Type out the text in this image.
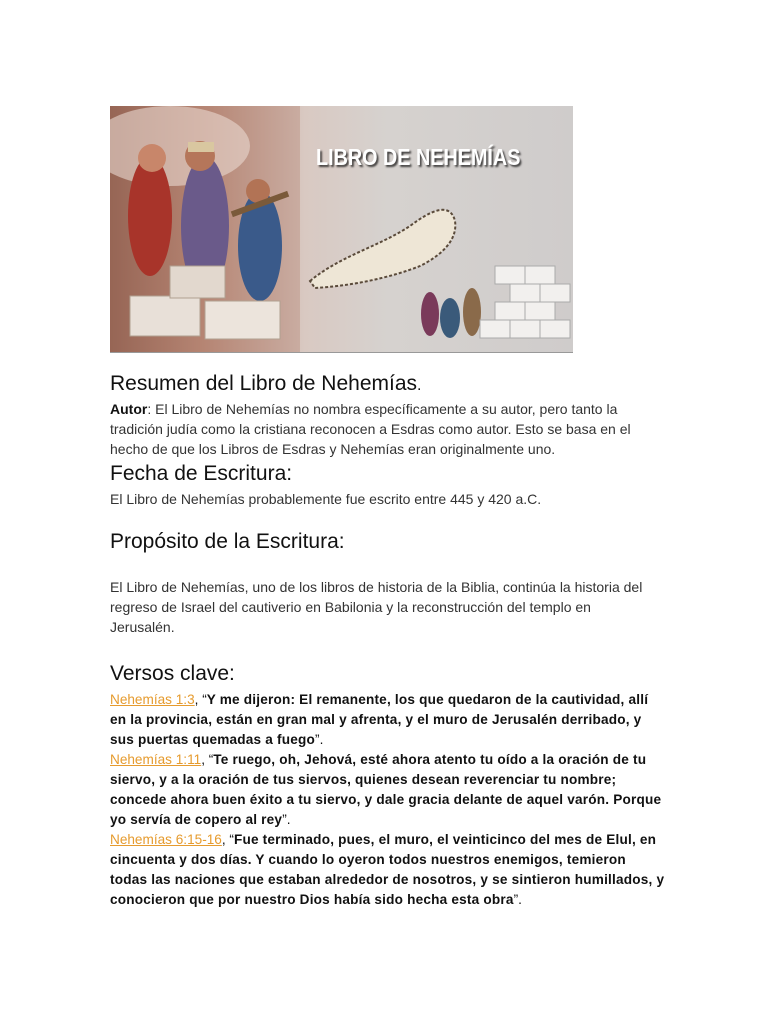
LIBRO DE NEHEMÍAS
Resumen del Libro de Nehemías.

Autor: El Libro de Nehemías no nombra específicamente a su autor, pero tanto la tradición judía como la cristiana reconocen a Esdras como autor. Esto se basa en el hecho de que los Libros de Esdras y Nehemías eran originalmente uno.

Fecha de Escritura:

El Libro de Nehemías probablemente fue escrito entre 445 y 420 a.C.

Propósito de la Escritura:

El Libro de Nehemías, uno de los libros de historia de la Biblia, continúa la historia del regreso de Israel del cautiverio en Babilonia y la reconstrucción del templo en Jerusalén.

Versos clave:

Nehemías 1:3, “Y me dijeron: El remanente, los que quedaron de la cautividad, allí en la provincia, están en gran mal y afrenta, y el muro de Jerusalén derribado, y sus puertas quemadas a fuego”.

Nehemías 1:11, “Te ruego, oh, Jehová, esté ahora atento tu oído a la oración de tu siervo, y a la oración de tus siervos, quienes desean reverenciar tu nombre; concede ahora buen éxito a tu siervo, y dale gracia delante de aquel varón. Porque yo servía de copero al rey”.

Nehemías 6:15-16, “Fue terminado, pues, el muro, el veinticinco del mes de Elul, en cincuenta y dos días. Y cuando lo oyeron todos nuestros enemigos, temieron todas las naciones que estaban alrededor de nosotros, y se sintieron humillados, y conocieron que por nuestro Dios había sido hecha esta obra”.
